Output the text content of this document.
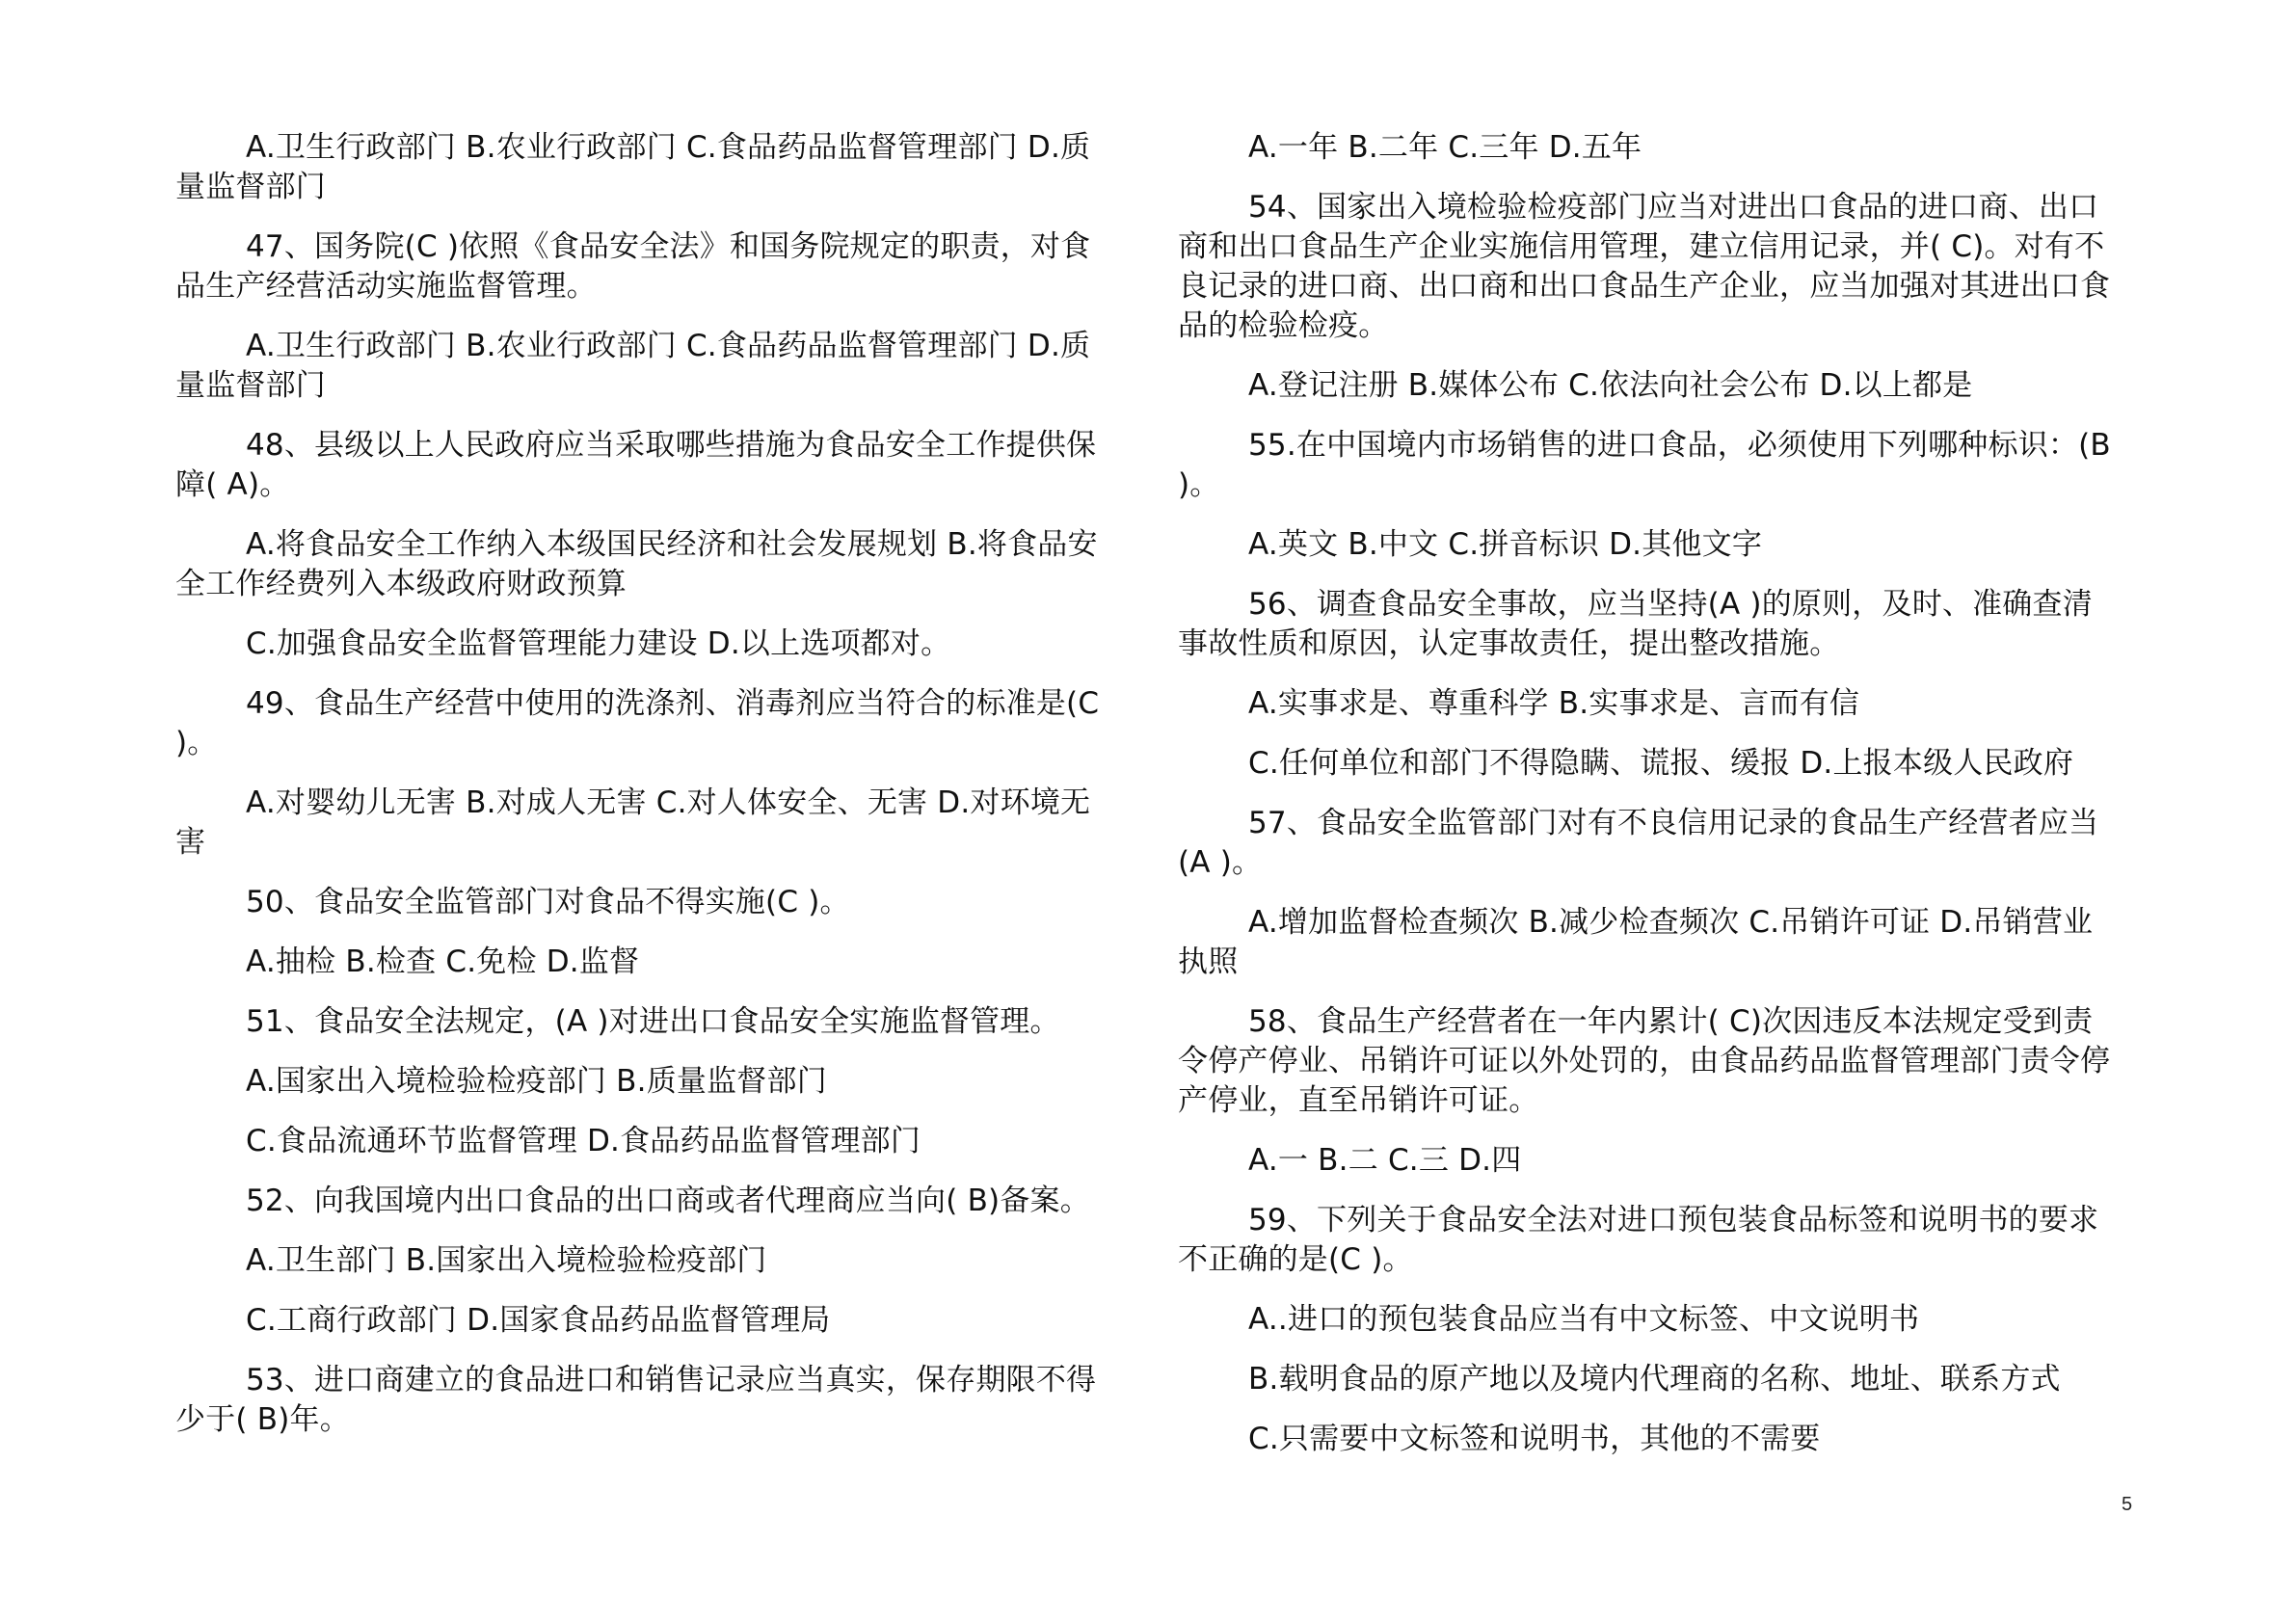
A.卫生行政部门 B.农业行政部门 C.食品药品监督管理部门 D.质量监督部门

47、国务院(C )依照《食品安全法》和国务院规定的职责，对食品生产经营活动实施监督管理。

A.卫生行政部门 B.农业行政部门 C.食品药品监督管理部门 D.质量监督部门

48、县级以上人民政府应当采取哪些措施为食品安全工作提供保障( A)。

A.将食品安全工作纳入本级国民经济和社会发展规划 B.将食品安全工作经费列入本级政府财政预算

C.加强食品安全监督管理能力建设 D.以上选项都对。

49、食品生产经营中使用的洗涤剂、消毒剂应当符合的标准是(C )。

A.对婴幼儿无害 B.对成人无害 C.对人体安全、无害 D.对环境无害

50、食品安全监管部门对食品不得实施(C )。

A.抽检 B.检查 C.免检 D.监督

51、食品安全法规定，(A )对进出口食品安全实施监督管理。

A.国家出入境检验检疫部门 B.质量监督部门

C.食品流通环节监督管理 D.食品药品监督管理部门

52、向我国境内出口食品的出口商或者代理商应当向( B)备案。

A.卫生部门 B.国家出入境检验检疫部门

C.工商行政部门 D.国家食品药品监督管理局

53、进口商建立的食品进口和销售记录应当真实，保存期限不得少于( B)年。

A.一年 B.二年 C.三年 D.五年

54、国家出入境检验检疫部门应当对进出口食品的进口商、出口商和出口食品生产企业实施信用管理，建立信用记录，并( C)。对有不良记录的进口商、出口商和出口食品生产企业，应当加强对其进出口食品的检验检疫。

A.登记注册 B.媒体公布 C.依法向社会公布 D.以上都是

55.在中国境内市场销售的进口食品，必须使用下列哪种标识：(B )。

A.英文 B.中文 C.拼音标识 D.其他文字

56、调查食品安全事故，应当坚持(A )的原则，及时、准确查清事故性质和原因，认定事故责任，提出整改措施。

A.实事求是、尊重科学 B.实事求是、言而有信

C.任何单位和部门不得隐瞒、谎报、缓报 D.上报本级人民政府

57、食品安全监管部门对有不良信用记录的食品生产经营者应当(A )。

A.增加监督检查频次 B.减少检查频次 C.吊销许可证 D.吊销营业执照

58、食品生产经营者在一年内累计( C)次因违反本法规定受到责令停产停业、吊销许可证以外处罚的，由食品药品监督管理部门责令停产停业，直至吊销许可证。

A.一 B.二 C.三 D.四

59、下列关于食品安全法对进口预包装食品标签和说明书的要求不正确的是(C )。

A..进口的预包装食品应当有中文标签、中文说明书

B.载明食品的原产地以及境内代理商的名称、地址、联系方式

C.只需要中文标签和说明书，其他的不需要

5
